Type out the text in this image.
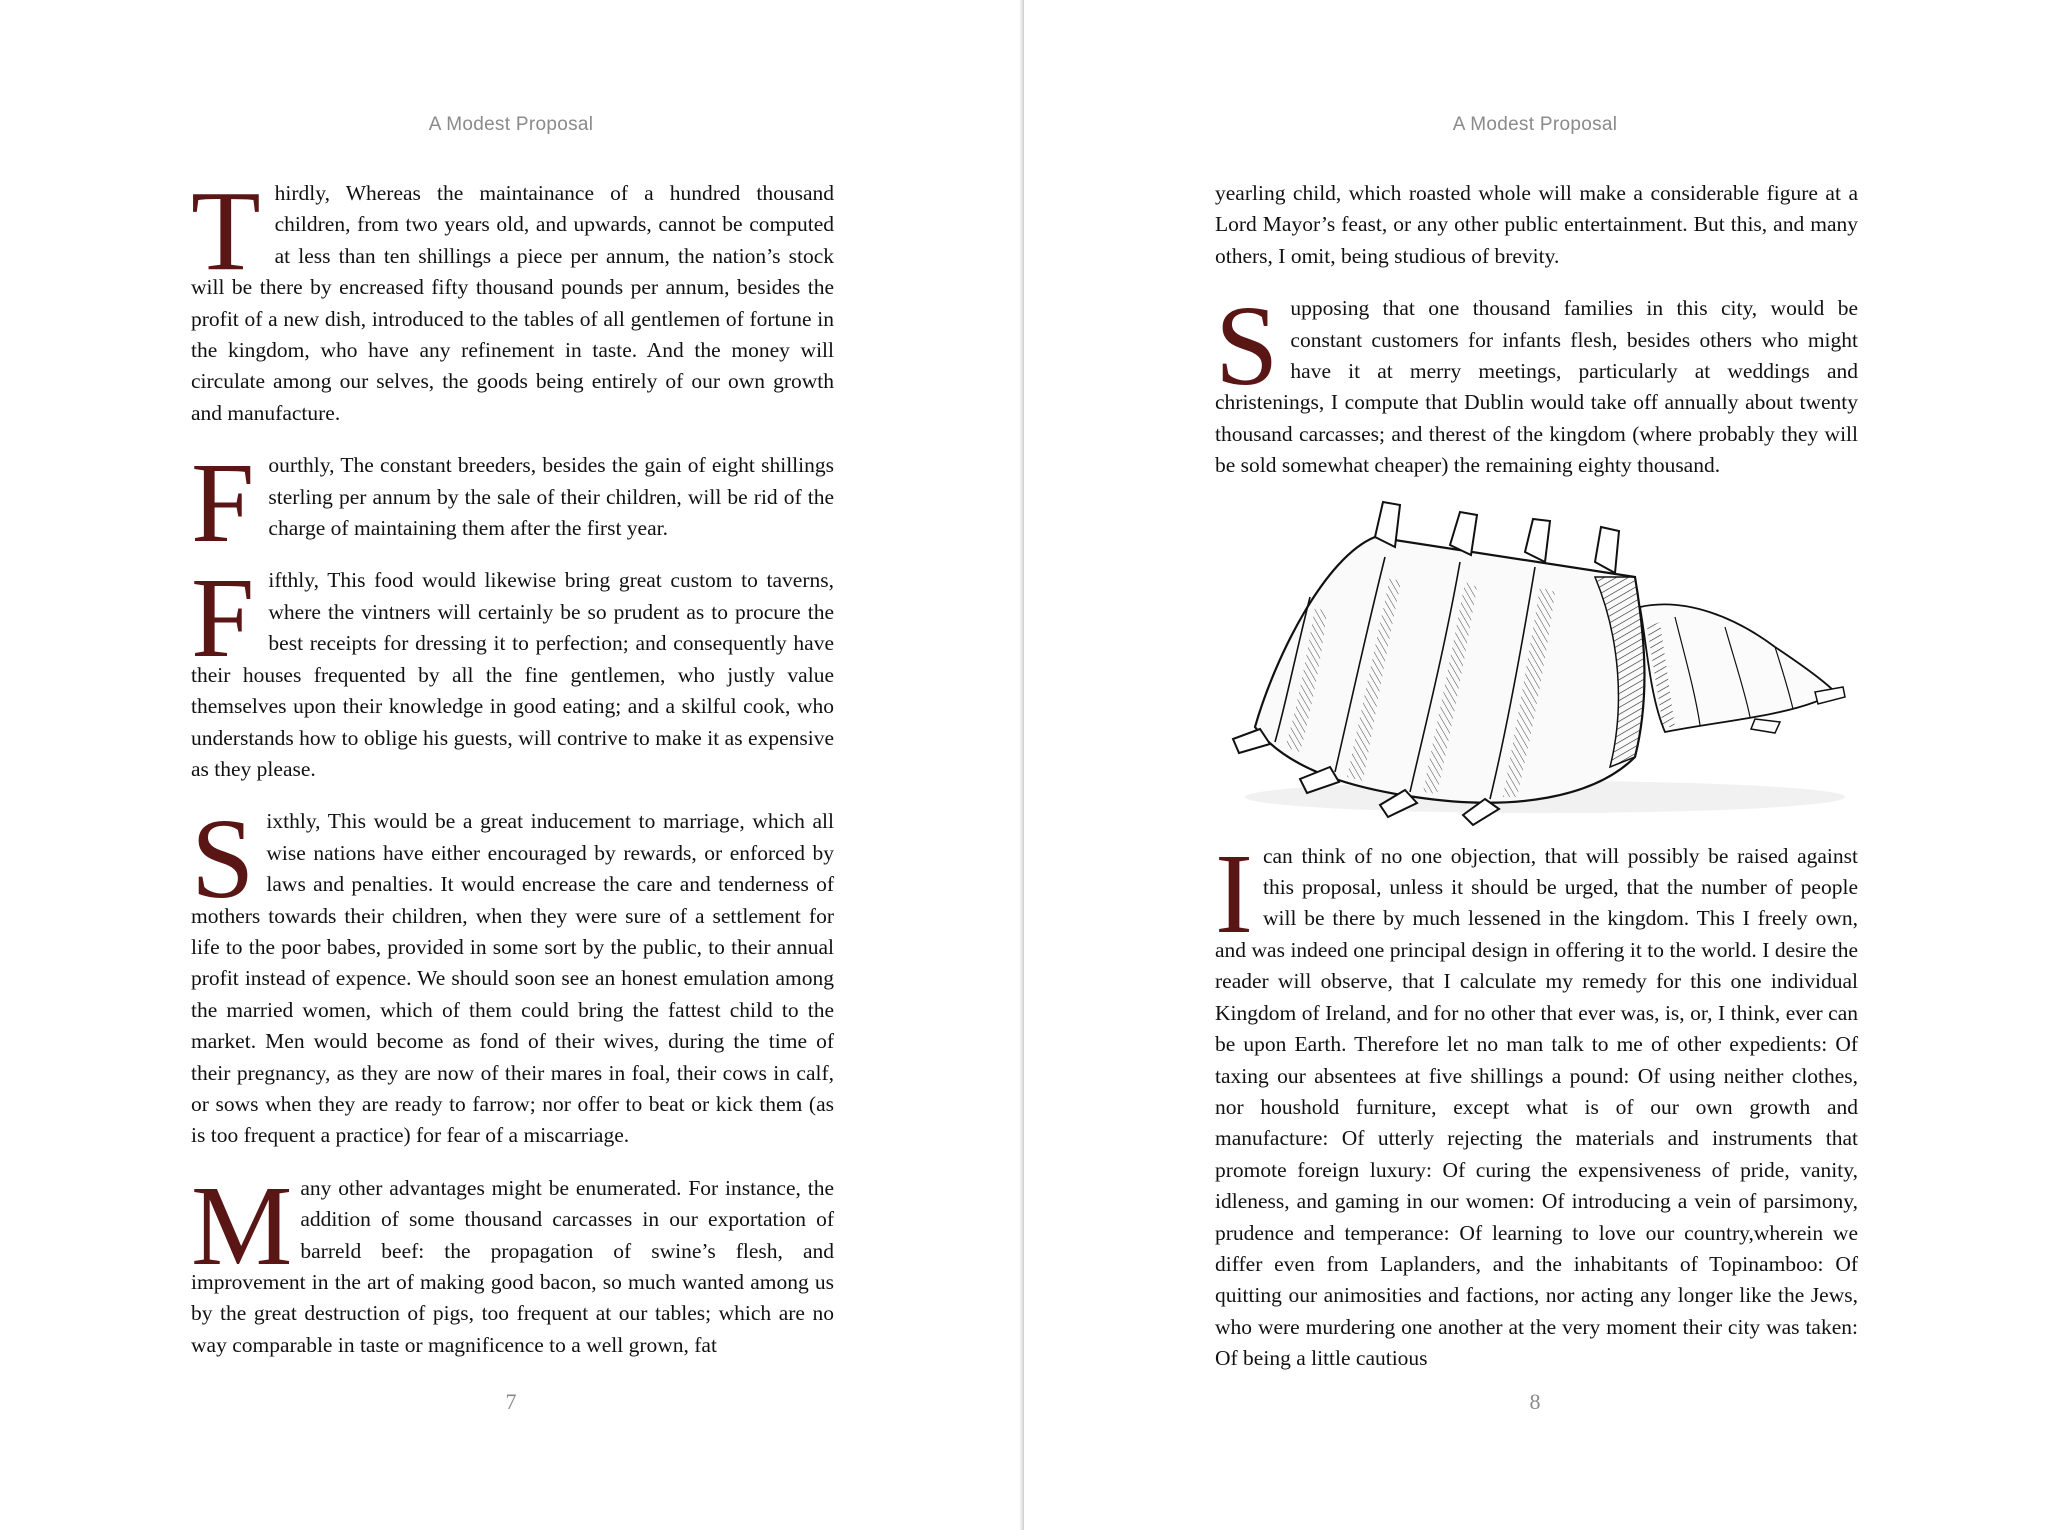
A Modest Proposal

Thirdly, Whereas the maintainance of a hundred thousand children, from two years old, and upwards, cannot be computed at less than ten shillings a piece per annum, the nation’s stock will be there by encreased fifty thousand pounds per annum, besides the profit of a new dish, introduced to the tables of all gentlemen of fortune in the kingdom, who have any refinement in taste. And the money will circulate among our selves, the goods being entirely of our own growth and manufacture.

Fourthly, The constant breeders, besides the gain of eight shillings sterling per annum by the sale of their children, will be rid of the charge of maintaining them after the first year.

Fifthly, This food would likewise bring great custom to taverns, where the vintners will certainly be so prudent as to procure the best receipts for dressing it to perfection; and consequently have their houses frequented by all the fine gentlemen, who justly value themselves upon their knowledge in good eating; and a skilful cook, who understands how to oblige his guests, will contrive to make it as expensive as they please.

Sixthly, This would be a great inducement to marriage, which all wise nations have either encouraged by rewards, or enforced by laws and penalties. It would encrease the care and tenderness of mothers towards their children, when they were sure of a settlement for life to the poor babes, provided in some sort by the public, to their annual profit instead of expence. We should soon see an honest emulation among the married women, which of them could bring the fattest child to the market. Men would become as fond of their wives, during the time of their pregnancy, as they are now of their mares in foal, their cows in calf, or sows when they are ready to farrow; nor offer to beat or kick them (as is too frequent a practice) for fear of a miscarriage.

Many other advantages might be enumerated. For instance, the addition of some thousand carcasses in our exportation of barreld beef: the propagation of swine’s flesh, and improvement in the art of making good bacon, so much wanted among us by the great destruction of pigs, too frequent at our tables; which are no way comparable in taste or magnificence to a well grown, fat

7
A Modest Proposal

yearling child, which roasted whole will make a considerable figure at a Lord Mayor’s feast, or any other public entertainment. But this, and many others, I omit, being studious of brevity.

Supposing that one thousand families in this city, would be constant customers for infants flesh, besides others who might have it at merry meetings, particularly at weddings and christenings, I compute that Dublin would take off annually about twenty thousand carcasses; and therest of the kingdom (where probably they will be sold somewhat cheaper) the remaining eighty thousand.

Ican think of no one objection, that will possibly be raised against this proposal, unless it should be urged, that the number of people will be there by much lessened in the kingdom. This I freely own, and was indeed one principal design in offering it to the world. I desire the reader will observe, that I calculate my remedy for this one individual Kingdom of Ireland, and for no other that ever was, is, or, I think, ever can be upon Earth. Therefore let no man talk to me of other expedients: Of taxing our absentees at five shillings a pound: Of using neither clothes, nor houshold furniture, except what is of our own growth and manufacture: Of utterly rejecting the materials and instruments that promote foreign luxury: Of curing the expensiveness of pride, vanity, idleness, and gaming in our women: Of introducing a vein of parsimony, prudence and temperance: Of learning to love our country,wherein we differ even from Laplanders, and the inhabitants of Topinamboo: Of quitting our animosities and factions, nor acting any longer like the Jews, who were murdering one another at the very moment their city was taken: Of being a little cautious

8
